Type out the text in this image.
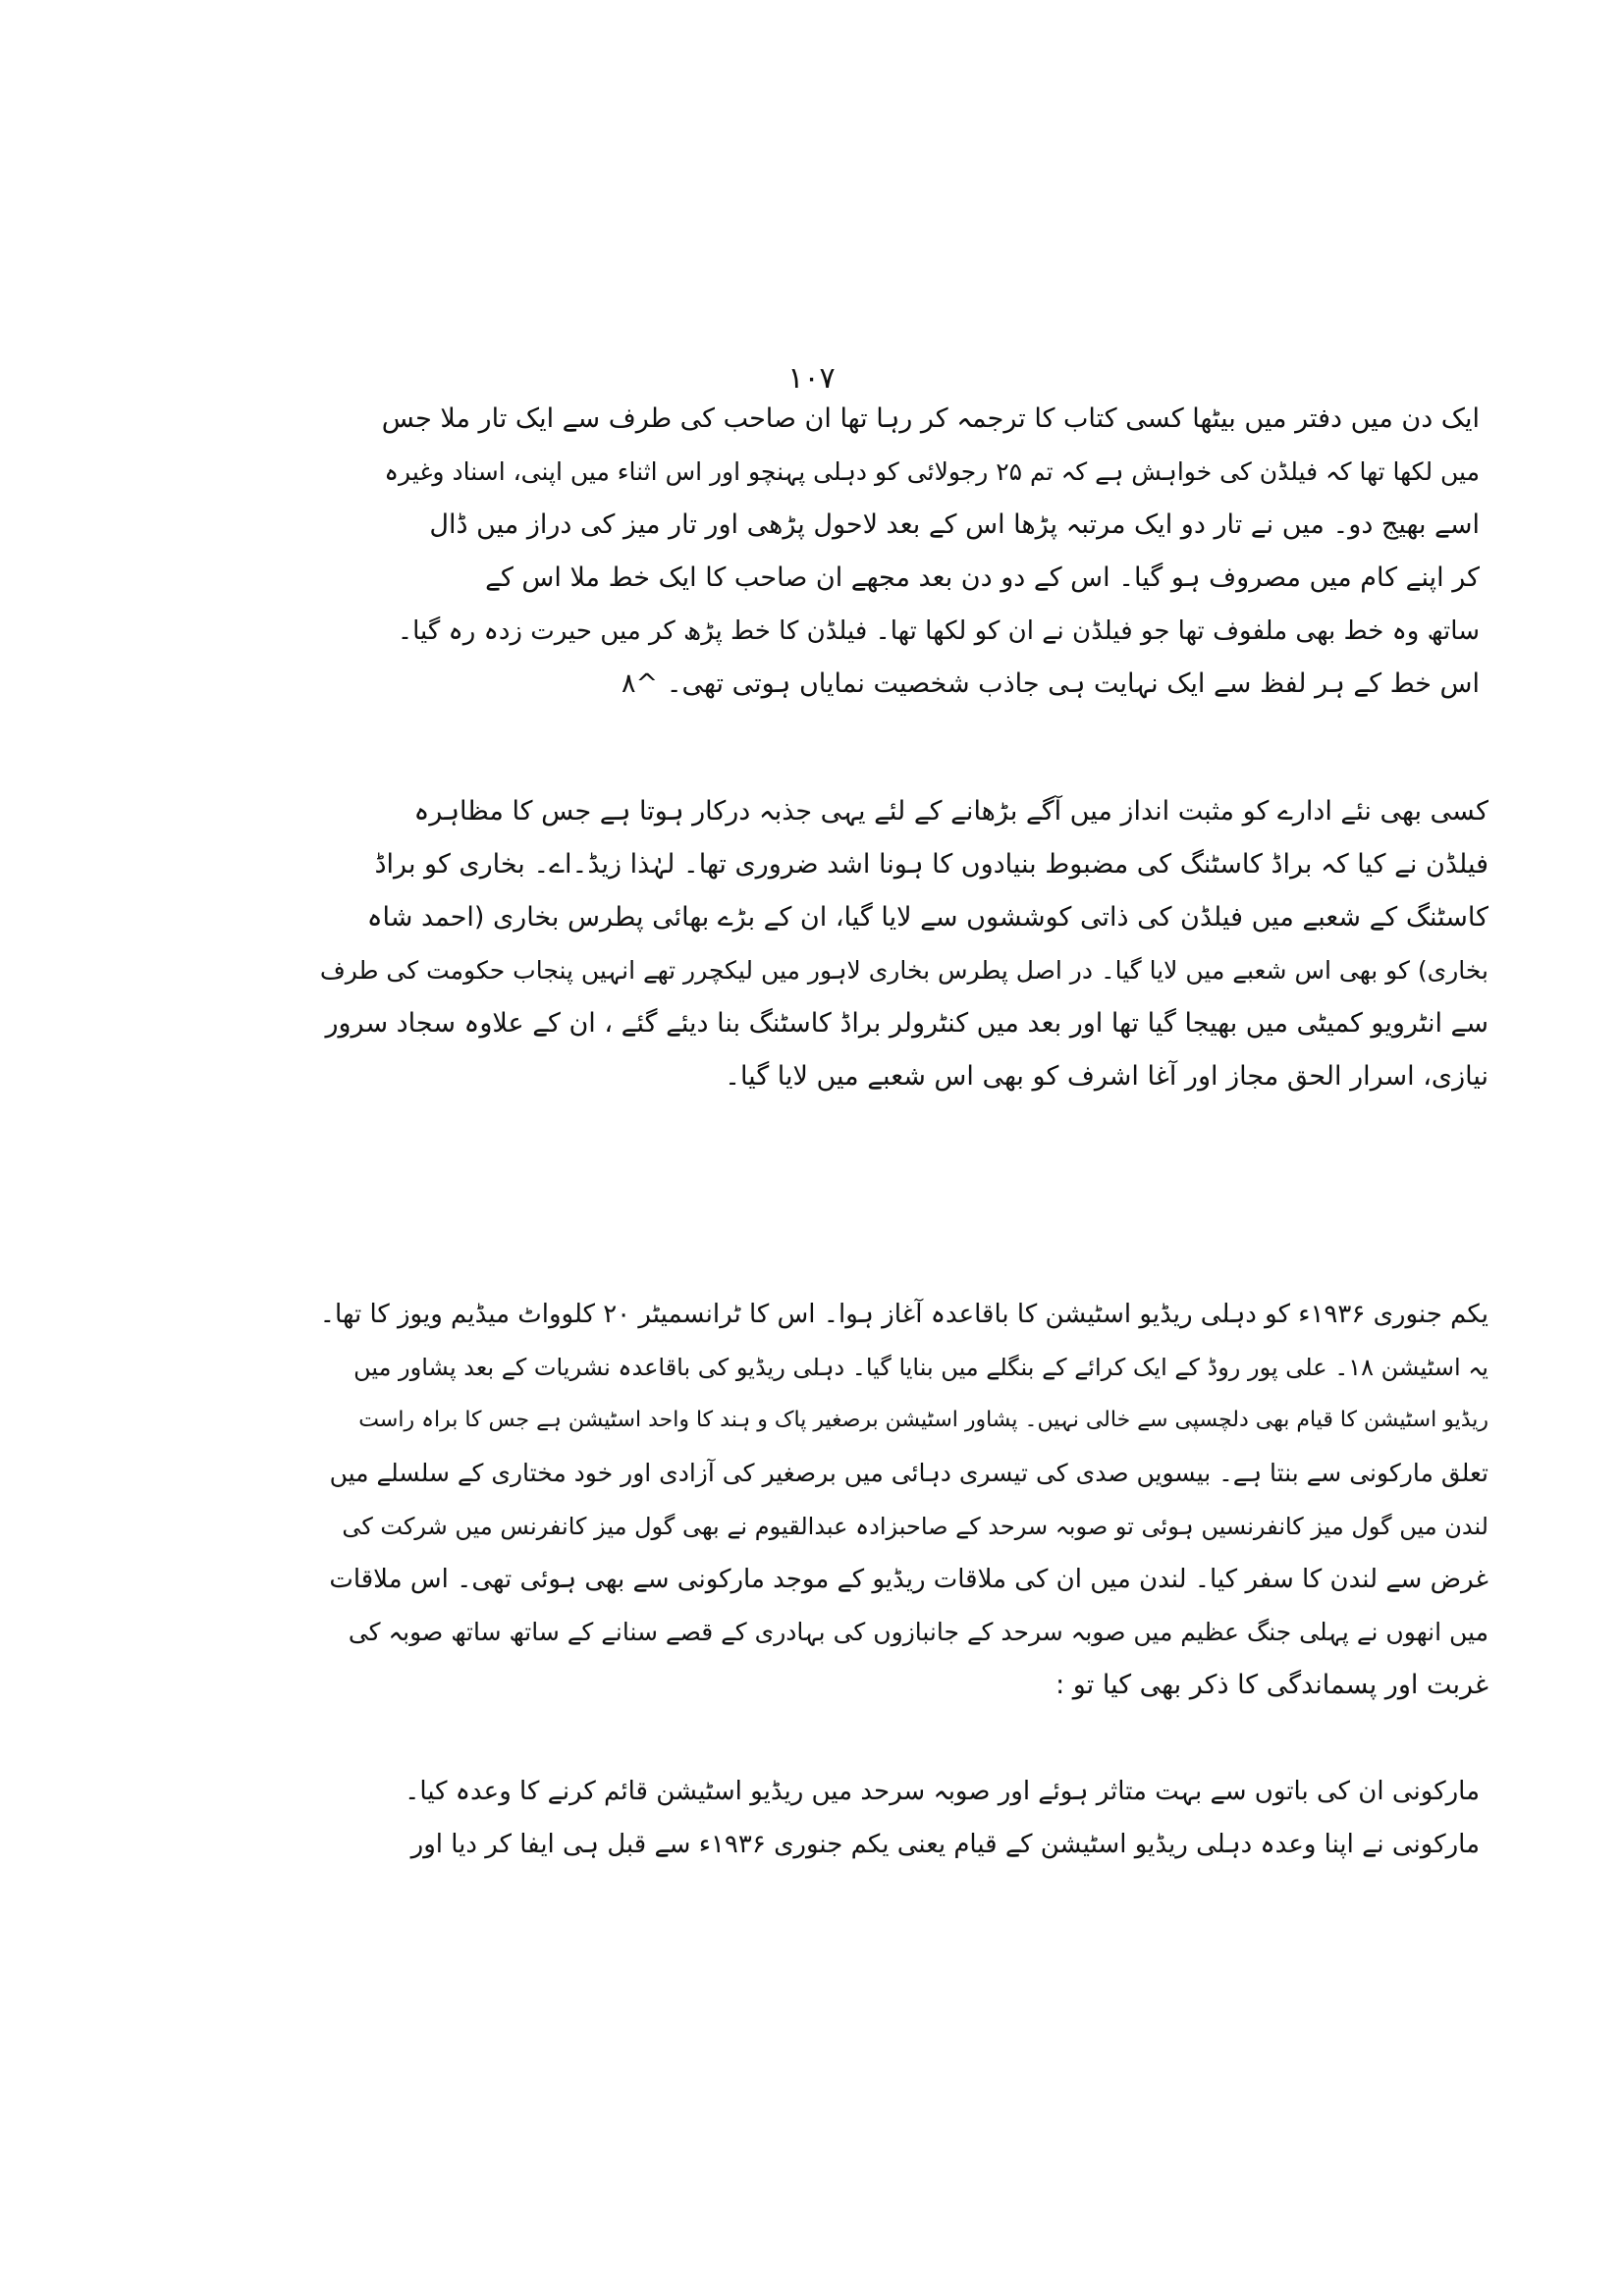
۱۰۷
ایک دن میں دفتر میں بیٹھا کسی کتاب کا ترجمہ کر رہا تھا ان صاحب کی طرف سے ایک تار ملا جس
میں لکھا تھا کہ فیلڈن کی خواہش ہے کہ تم ۲۵ رجولائی کو دہلی پہنچو اور اس اثناء میں اپنی، اسناد وغیرہ
اسے بھیج دو۔ میں نے تار دو ایک مرتبہ پڑھا اس کے بعد لاحول پڑھی اور تار میز کی دراز میں ڈال
کر اپنے کام میں مصروف ہو گیا۔ اس کے دو دن بعد مجھے ان صاحب کا ایک خط ملا اس کے
ساتھ وہ خط بھی ملفوف تھا جو فیلڈن نے ان کو لکھا تھا۔ فیلڈن کا خط پڑھ کر میں حیرت زدہ رہ گیا۔
اس خط کے ہر لفظ سے ایک نہایت ہی جاذب شخصیت نمایاں ہوتی تھی۔ ^۸
کسی بھی نئے ادارے کو مثبت انداز میں آگے بڑھانے کے لئے یہی جذبہ درکار ہوتا ہے جس کا مظاہرہ
فیلڈن نے کیا کہ براڈ کاسٹنگ کی مضبوط بنیادوں کا ہونا اشد ضروری تھا۔ لہٰذا زیڈ۔اے۔ بخاری کو براڈ
کاسٹنگ کے شعبے میں فیلڈن کی ذاتی کوششوں سے لایا گیا، ان کے بڑے بھائی پطرس بخاری (احمد شاہ
بخاری) کو بھی اس شعبے میں لایا گیا۔ در اصل پطرس بخاری لاہور میں لیکچرر تھے انہیں پنجاب حکومت کی طرف
سے انٹرویو کمیٹی میں بھیجا گیا تھا اور بعد میں کنٹرولر براڈ کاسٹنگ بنا دیئے گئے ، ان کے علاوہ سجاد سرور
نیازی، اسرار الحق مجاز اور آغا اشرف کو بھی اس شعبے میں لایا گیا۔
یکم جنوری ۱۹۳۶ء کو دہلی ریڈیو اسٹیشن کا باقاعدہ آغاز ہوا۔ اس کا ٹرانسمیٹر ۲۰ کلوواٹ میڈیم ویوز کا تھا۔
یہ اسٹیشن ۱۸۔ علی پور روڈ کے ایک کرائے کے بنگلے میں بنایا گیا۔ دہلی ریڈیو کی باقاعدہ نشریات کے بعد پشاور میں
ریڈیو اسٹیشن کا قیام بھی دلچسپی سے خالی نہیں۔ پشاور اسٹیشن برصغیر پاک و ہند کا واحد اسٹیشن ہے جس کا براہ راست
تعلق مارکونی سے بنتا ہے۔ بیسویں صدی کی تیسری دہائی میں برصغیر کی آزادی اور خود مختاری کے سلسلے میں
لندن میں گول میز کانفرنسیں ہوئی تو صوبہ سرحد کے صاحبزادہ عبدالقیوم نے بھی گول میز کانفرنس میں شرکت کی
غرض سے لندن کا سفر کیا۔ لندن میں ان کی ملاقات ریڈیو کے موجد مارکونی سے بھی ہوئی تھی۔ اس ملاقات
میں انھوں نے پہلی جنگ عظیم میں صوبہ سرحد کے جانبازوں کی بہادری کے قصے سنانے کے ساتھ ساتھ صوبہ کی
غربت اور پسماندگی کا ذکر بھی کیا تو :
مارکونی ان کی باتوں سے بہت متاثر ہوئے اور صوبہ سرحد میں ریڈیو اسٹیشن قائم کرنے کا وعدہ کیا۔
مارکونی نے اپنا وعدہ دہلی ریڈیو اسٹیشن کے قیام یعنی یکم جنوری ۱۹۳۶ء سے قبل ہی ایفا کر دیا اور
